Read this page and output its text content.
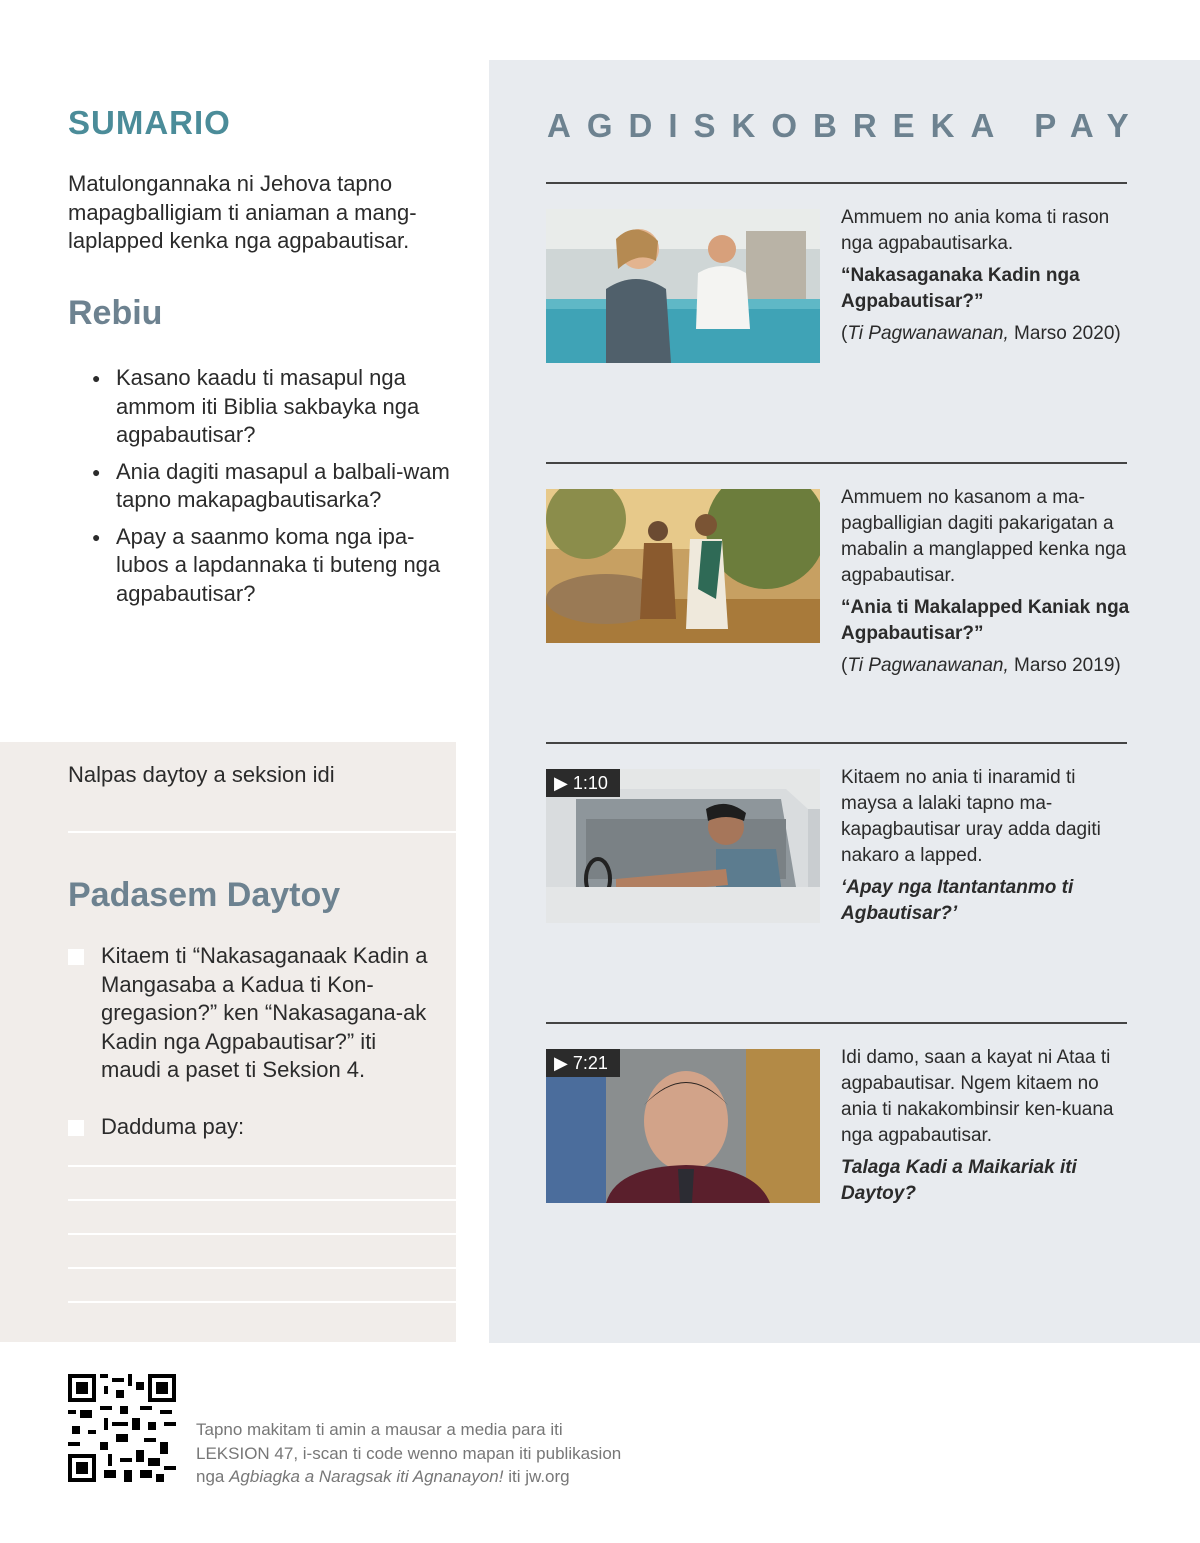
SUMARIO
Matulongannaka ni Jehova tapno mapagballigiam ti aniaman a mang-laplapped kenka nga agpabautisar.
Rebiu
● Kasano kaadu ti masapul nga ammom iti Biblia sakbayka nga agpabautisar?
● Ania dagiti masapul a balbali-wam tapno makapagbautisarka?
● Apay a saanmo koma nga ipa-lubos a lapdannaka ti buteng nga agpabautisar?
Nalpas daytoy a seksion idi
Padasem Daytoy
Kitaem ti “Nakasaganaak Kadin a Mangasaba a Kadua ti Kon-gregasion?” ken “Nakasagana-ak Kadin nga Agpabautisar?” iti maudi a paset ti Seksion 4.
Dadduma pay:
AGDISKOBREKA PAY

Ammuem no ania koma ti rason nga agpabautisarka.

“Nakasaganaka Kadin nga Agpabautisar?”

(Ti Pagwanawanan, Marso 2020)

Ammuem no kasanom a ma-pagballigian dagiti pakarigatan a mabalin a manglapped kenka nga agpabautisar.

“Ania ti Makalapped Kaniak nga Agpabautisar?”

(Ti Pagwanawanan, Marso 2019)

▶ 1:10	Kitaem no ania ti inaramid ti maysa a lalaki tapno ma-kapagbautisar uray adda dagiti nakaro a lapped.

‘Apay nga Itantantanmo ti Agbautisar?’

▶ 7:21	Idi damo, saan a kayat ni Ataa ti agpabautisar. Ngem kitaem no ania ti nakakombinsir ken-kuana nga agpabautisar.

Talaga Kadi a Maikariak iti Daytoy?

Tapno makitam ti amin a mausar a media para iti
LEKSION 47, i-scan ti code wenno mapan iti publikasion
nga Agbiagka a Naragsak iti Agnanayon! iti jw.org
